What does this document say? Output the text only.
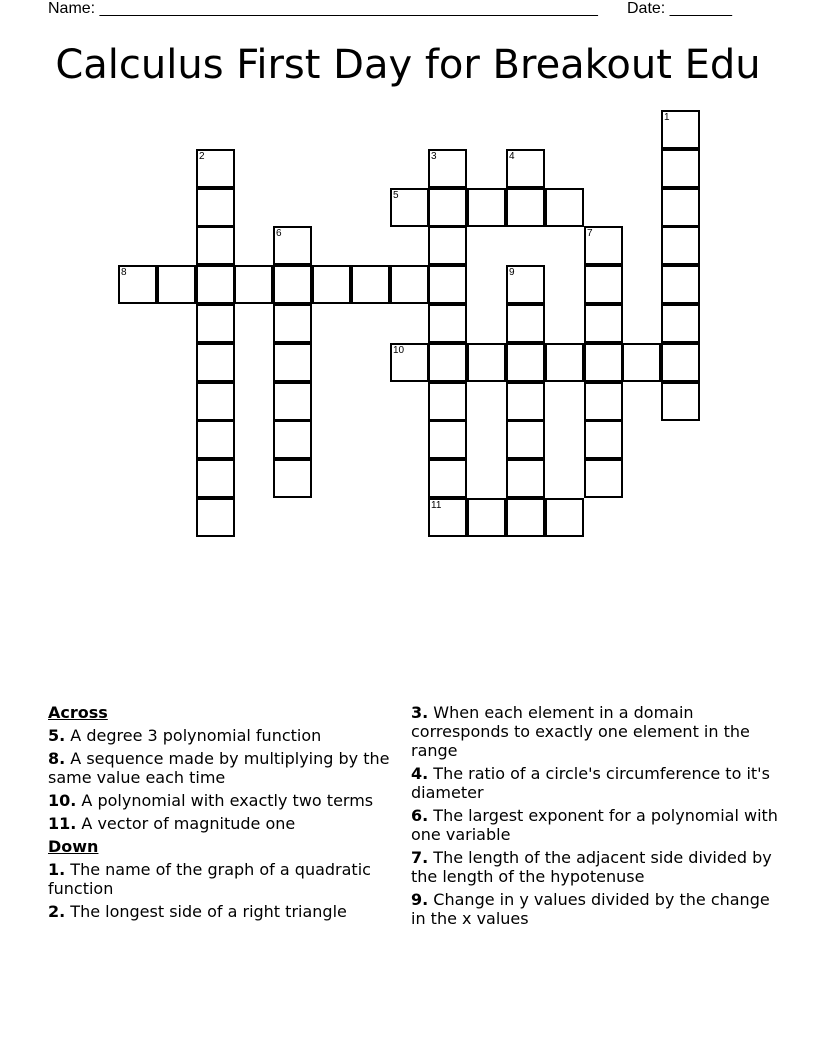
Name: ________________________________________________________ Date: _______
Calculus First Day for Breakout Edu
1
2	3	4
5
6	7
8	9
10
11
Across
5. A degree 3 polynomial function
8. A sequence made by multiplying by the same value each time
10. A polynomial with exactly two terms
11. A vector of magnitude one
Down
1. The name of the graph of a quadratic function
2. The longest side of a right triangle
3. When each element in a domain corresponds to exactly one element in the range
4. The ratio of a circle's circumference to it's diameter
6. The largest exponent for a polynomial with one variable
7. The length of the adjacent side divided by the length of the hypotenuse
9. Change in y values divided by the change in the x values
